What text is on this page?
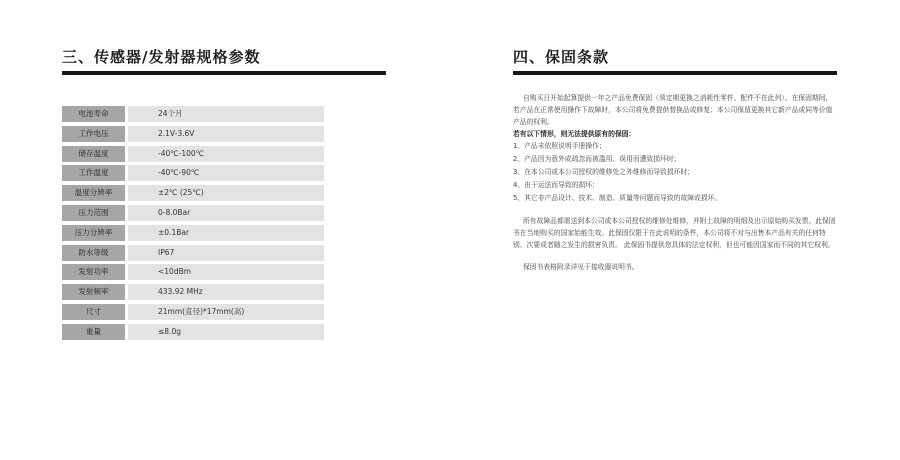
三、传感器/发射器规格参数
电池寿命	24个月
工作电压	2.1V-3.6V
储存温度	-40℃-100℃
工作温度	-40℃-90℃
温度分辨率	±2℃ (25℃)
压力范围	0-8.0Bar
压力分辨率	±0.1Bar
防水等级	IP67
发射功率	<10dBm
发射频率	433.92 MHz
尺寸	21mm(直径)*17mm(高)
重量	≤8.0g
四、保固条款

自购买日开始起算提供一年之产品免费保固（须定期更换之消耗性零件、配件不在此列）。在保固期间，若产品在正常使用操作下故障时，本公司将免费提供替换品或修复；本公司保留更换其它新产品或同等价值产品的权利。

若有以下情形，则无法提供原有的保固：

1、产品未依照说明手册操作；

2、产品因为意外或疏忽而被滥用、误用而遭致损坏时；

3、在本公司或本公司授权的维修处之外维修而导致损坏时；

4、由于运送而导致的损坏；

5、其它非产品设计、技术、制造、质量等问题而导致的故障或损坏。

所有故障品都需送到本公司或本公司授权的维修处维修，并附上故障的明细及出示原始购买发票。此保固书在当地购买的国家始能生效。此保固仅限于在此说明的条件，本公司将不对与出售本产品有关的任何特别、次要或者随之发生的损害负责。 此保固书提供您具体的法定权利，但也可能因国家而不同的其它权利。

保固书表格附录详见于接收器说明书。
